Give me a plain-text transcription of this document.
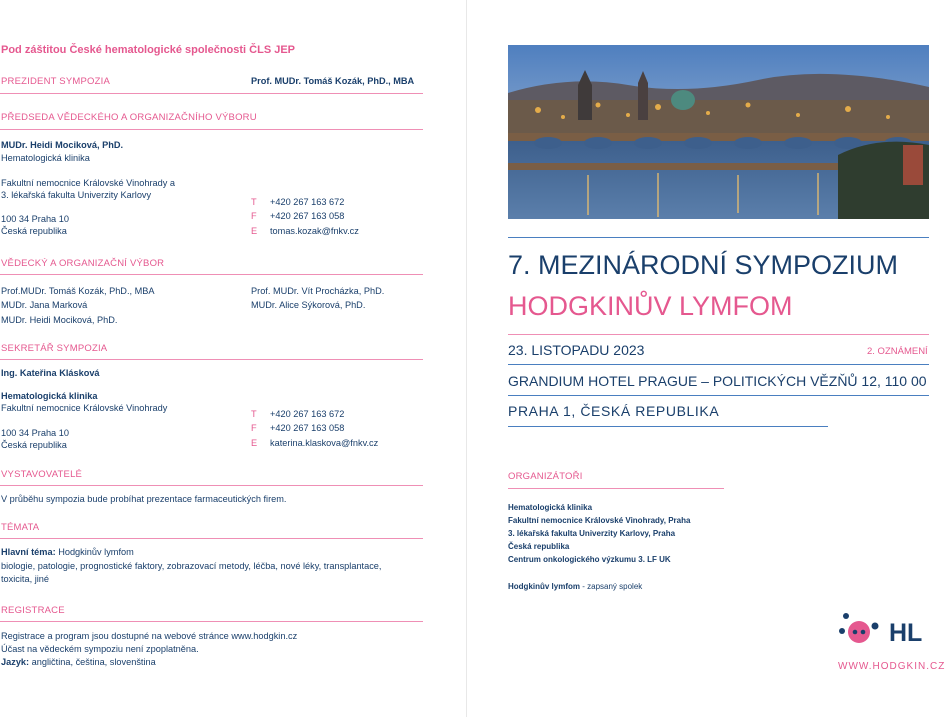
Pod záštitou České hematologické společnosti ČLS JEP
PREZIDENT SYMPOZIA	Prof. MUDr. Tomáš Kozák, PhD., MBA
PŘEDSEDA VĚDECKÉHO A ORGANIZAČNÍHO VÝBORU
MUDr. Heidi Mociková, PhD.
Hematologická klinika
Fakultní nemocnice Královské Vinohrady a
3. lékařská fakulta Univerzity Karlovy
100 34 Praha 10
Česká republika
T +420 267 163 672
F +420 267 163 058
E tomas.kozak@fnkv.cz
VĚDECKÝ A ORGANIZAČNÍ VÝBOR
Prof.MUDr. Tomáš Kozák, PhD., MBA
MUDr. Jana Marková
MUDr. Heidi Mociková, PhD.
Prof. MUDr. Vít Procházka, PhD.
MUDr. Alice Sýkorová, PhD.
SEKRETÁŘ SYMPOZIA
Ing. Kateřina Klásková
Hematologická klinika
Fakultní nemocnice Královské Vinohrady
100 34 Praha 10
Česká republika
T +420 267 163 672
F +420 267 163 058
E katerina.klaskova@fnkv.cz
VYSTAVOVATELÉ
V průběhu sympozia bude probíhat prezentace farmaceutických firem.
TÉMATA
Hlavní téma: Hodgkinův lymfom
biologie, patologie, prognostické faktory, zobrazovací metody, léčba, nové léky, transplantace,
toxicita, jiné
REGISTRACE
Registrace a program jsou dostupné na webové stránce www.hodgkin.cz
Účast na vědeckém sympoziu není zpoplatněna.
Jazyk: angličtina, čeština, slovenština
7. MEZINÁRODNÍ SYMPOZIUM
HODGKINŮV LYMFOM
23. LISTOPADU 2023	2. OZNÁMENÍ
GRANDIUM HOTEL PRAGUE – POLITICKÝCH VĚZŇŮ 12, 110 00
PRAHA 1, ČESKÁ REPUBLIKA
ORGANIZÁTOŘI
Hematologická klinika
Fakultní nemocnice Královské Vinohrady, Praha
3. lékařská fakulta Univerzity Karlovy, Praha
Česká republika
Centrum onkologického výzkumu 3. LF UK
Hodgkinův lymfom - zapsaný spolek
HL
WWW.HODGKIN.CZ
